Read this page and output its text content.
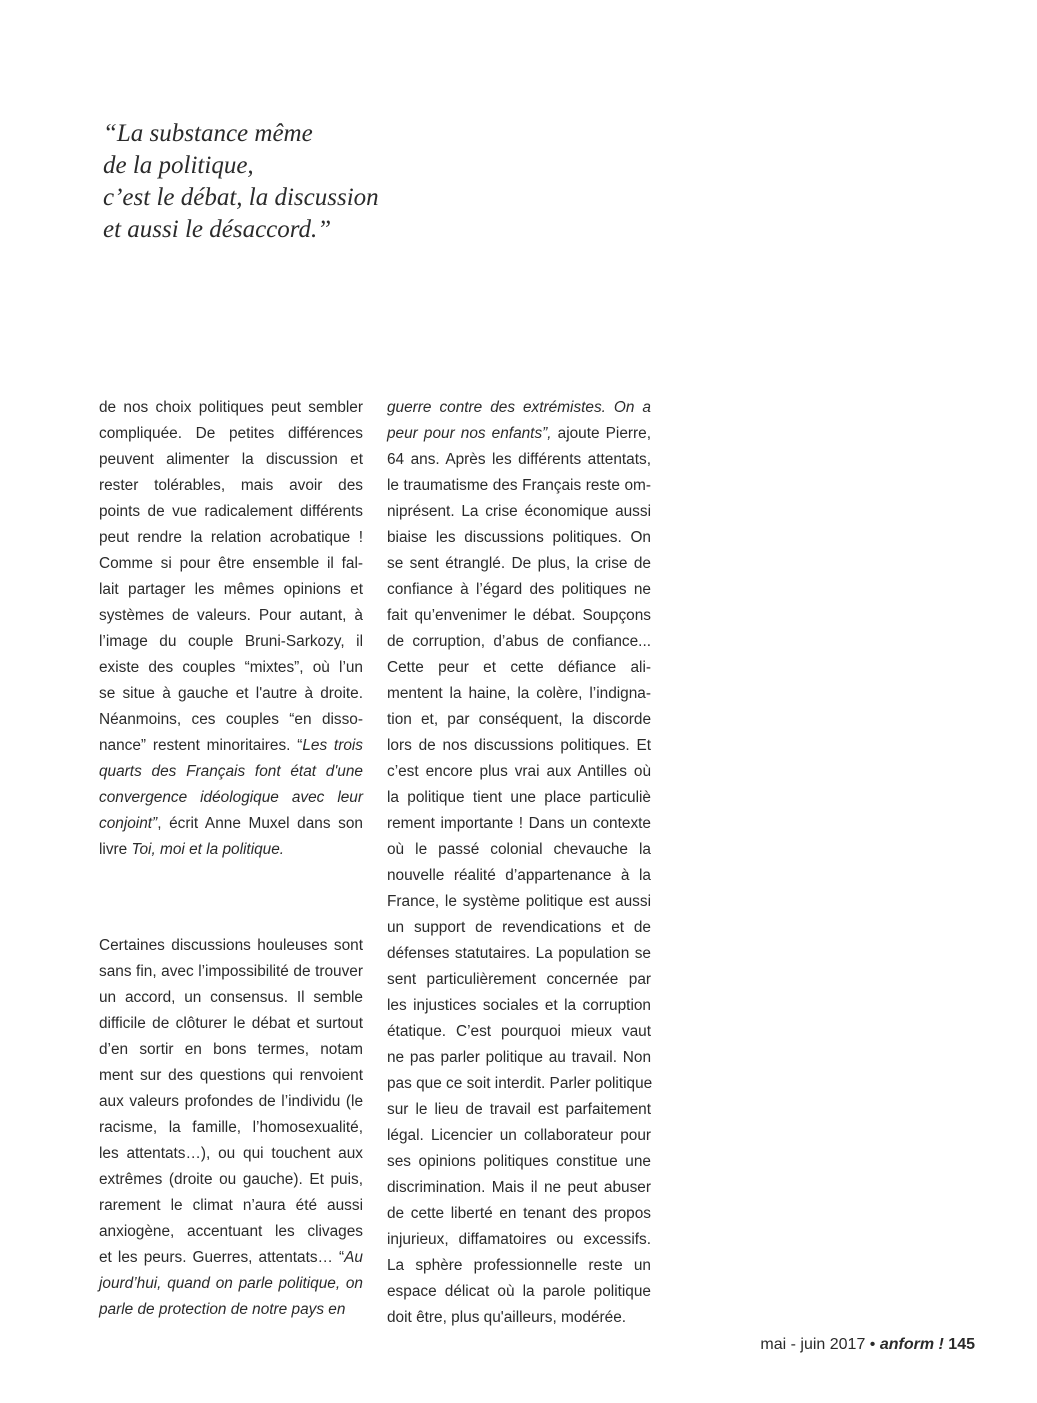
“La substance même
de la politique,
c’est le débat, la discussion
et aussi le désaccord.”
de nos choix politiques peut sembler
compliquée. De petites différences
peuvent alimenter la discussion et
rester tolérables, mais avoir des
points de vue radicalement différents
peut rendre la relation acrobatique !
Comme si pour être ensemble il fal-
lait partager les mêmes opinions et
systèmes de valeurs. Pour autant, à
l’image du couple Bruni-Sarkozy, il
existe des couples “mixtes”, où l’un
se situe à gauche et l'autre à droite.
Néanmoins, ces couples “en disso-
nance” restent minoritaires. “Les trois
quarts des Français font état d'une
convergence idéologique avec leur
conjoint”, écrit Anne Muxel dans son
livre Toi, moi et la politique.
Certaines discussions houleuses sont
sans fin, avec l’impossibilité de trouver
un accord, un consensus. Il semble
difficile de clôturer le débat et surtout
d’en sortir en bons termes, notam
ment sur des questions qui renvoient
aux valeurs profondes de l’individu (le
racisme, la famille, l’homosexualité,
les attentats…), ou qui touchent aux
extrêmes (droite ou gauche). Et puis,
rarement le climat n’aura été aussi
anxiogène, accentuant les clivages
et les peurs. Guerres, attentats… “Au
jourd’hui, quand on parle politique, on
parle de protection de notre pays en
guerre contre des extrémistes. On a
peur pour nos enfants”, ajoute Pierre,
64 ans. Après les différents attentats,
le traumatisme des Français reste om-
niprésent. La crise économique aussi
biaise les discussions politiques. On
se sent étranglé. De plus, la crise de
confiance à l’égard des politiques ne
fait qu’envenimer le débat. Soupçons
de corruption, d’abus de confiance...
Cette peur et cette défiance ali-
mentent la haine, la colère, l’indigna-
tion et, par conséquent, la discorde
lors de nos discussions politiques. Et
c’est encore plus vrai aux Antilles où
la politique tient une place particuliè
rement importante ! Dans un contexte
où le passé colonial chevauche la
nouvelle réalité d’appartenance à la
France, le système politique est aussi
un support de revendications et de
défenses statutaires. La population se
sent particulièrement concernée par
les injustices sociales et la corruption
étatique. C’est pourquoi mieux vaut
ne pas parler politique au travail. Non
pas que ce soit interdit. Parler politique
sur le lieu de travail est parfaitement
légal. Licencier un collaborateur pour
ses opinions politiques constitue une
discrimination. Mais il ne peut abuser
de cette liberté en tenant des propos
injurieux, diffamatoires ou excessifs.
La sphère professionnelle reste un
espace délicat où la parole politique
doit être, plus qu'ailleurs, modérée.
mai - juin 2017 • anform ! 145
